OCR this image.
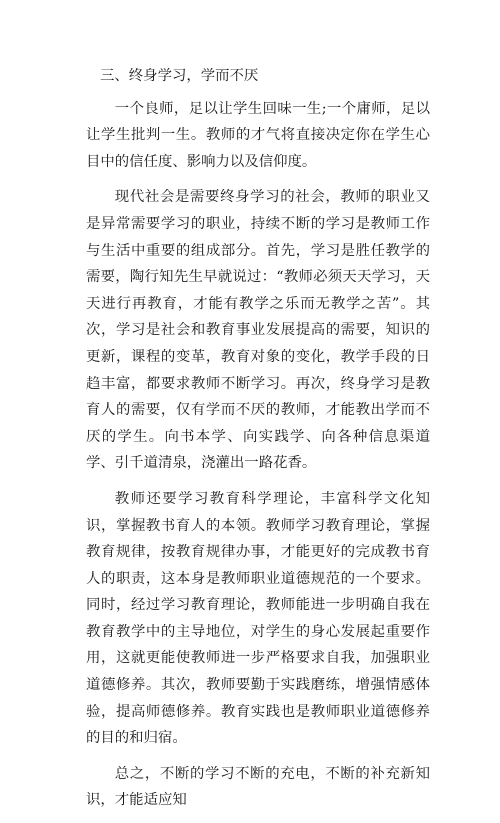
三、终身学习，学而不厌

一个良师，足以让学生回味一生;一个庸师，足以让学生批判一生。教师的才气将直接决定你在学生心目中的信任度、影响力以及信仰度。

现代社会是需要终身学习的社会，教师的职业又是异常需要学习的职业，持续不断的学习是教师工作与生活中重要的组成部分。首先，学习是胜任教学的需要，陶行知先生早就说过：“教师必须天天学习，天天进行再教育，才能有教学之乐而无教学之苦”。其次，学习是社会和教育事业发展提高的需要，知识的更新，课程的变革，教育对象的变化，教学手段的日趋丰富，都要求教师不断学习。再次，终身学习是教育人的需要，仅有学而不厌的教师，才能教出学而不厌的学生。向书本学、向实践学、向各种信息渠道学、引千道清泉，浇灌出一路花香。

教师还要学习教育科学理论，丰富科学文化知识，掌握教书育人的本领。教师学习教育理论，掌握教育规律，按教育规律办事，才能更好的完成教书育人的职责，这本身是教师职业道德规范的一个要求。同时，经过学习教育理论，教师能进一步明确自我在教育教学中的主导地位，对学生的身心发展起重要作用，这就更能使教师进一步严格要求自我，加强职业道德修养。其次，教师要勤于实践磨练，增强情感体验，提高师德修养。教育实践也是教师职业道德修养的目的和归宿。

总之，不断的学习不断的充电，不断的补充新知识，才能适应知
